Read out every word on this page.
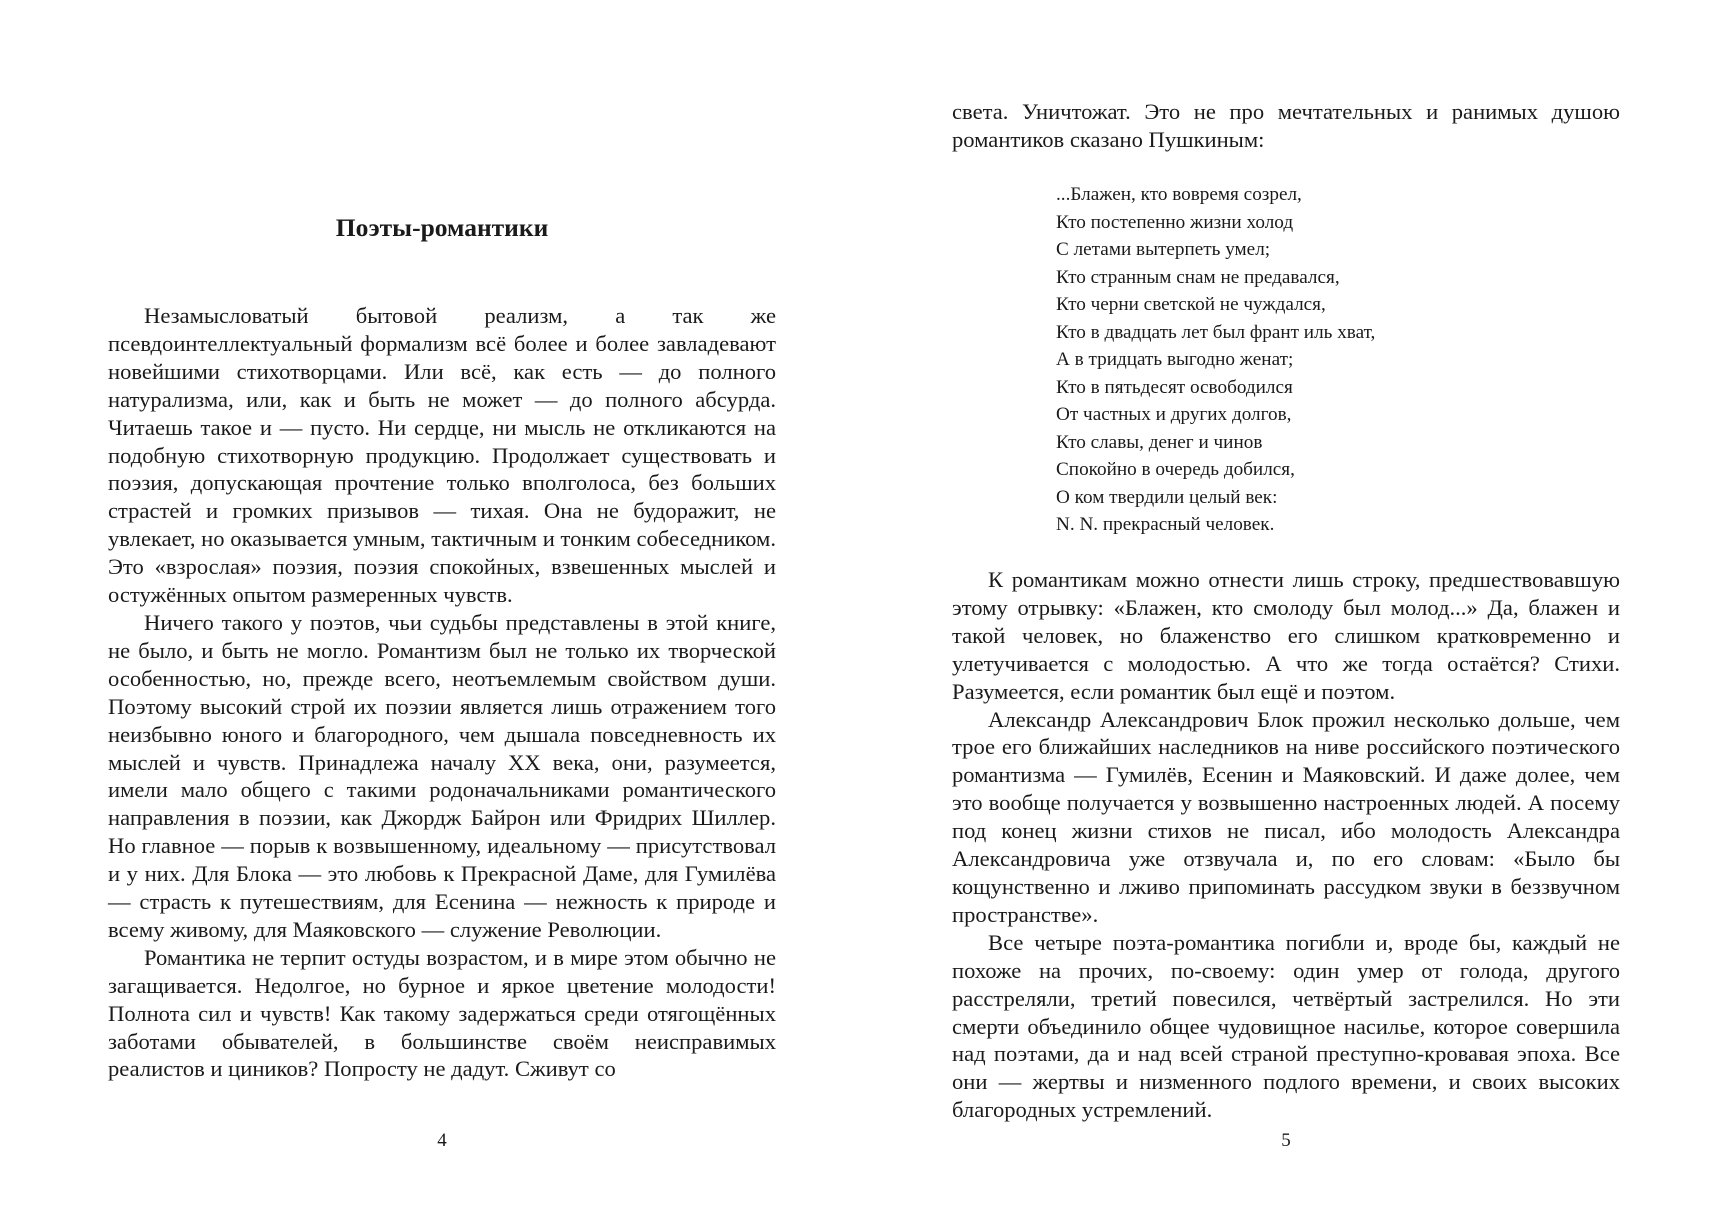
Поэты-романтики

Незамысловатый бытовой реализм, а так же псевдоинтеллектуальный формализм всё более и более завладевают новейшими стихотворцами. Или всё, как есть — до полного натурализма, или, как и быть не может — до полного абсурда. Читаешь такое и — пусто. Ни сердце, ни мысль не откликаются на подобную стихотворную продукцию. Продолжает существовать и поэзия, допускающая прочтение только вполголоса, без больших страстей и громких призывов — тихая. Она не будоражит, не увлекает, но оказывается умным, тактичным и тонким собеседником. Это «взрослая» поэзия, поэзия спокойных, взвешенных мыслей и остужённых опытом размеренных чувств.

Ничего такого у поэтов, чьи судьбы представлены в этой книге, не было, и быть не могло. Романтизм был не только их творческой особенностью, но, прежде всего, неотъемлемым свойством души. Поэтому высокий строй их поэзии является лишь отражением того неизбывно юного и благородного, чем дышала повседневность их мыслей и чувств. Принадлежа началу XX века, они, разумеется, имели мало общего с такими родоначальниками романтического направления в поэзии, как Джордж Байрон или Фридрих Шиллер. Но главное — порыв к возвышенному, идеальному — присутствовал и у них. Для Блока — это любовь к Прекрасной Даме, для Гумилёва — страсть к путешествиям, для Есенина — нежность к природе и всему живому, для Маяковского — служение Революции.

Романтика не терпит остуды возрастом, и в мире этом обычно не загащивается. Недолгое, но бурное и яркое цветение молодости! Полнота сил и чувств! Как такому задержаться среди отягощённых заботами обывателей, в большинстве своём неисправимых реалистов и циников? Попросту не дадут. Сживут со

4

света. Уничтожат. Это не про мечтательных и ранимых душою романтиков сказано Пушкиным:

...Блажен, кто вовремя созрел,
Кто постепенно жизни холод
С летами вытерпеть умел;
Кто странным снам не предавался,
Кто черни светской не чуждался,
Кто в двадцать лет был франт иль хват,
А в тридцать выгодно женат;
Кто в пятьдесят освободился
От частных и других долгов,
Кто славы, денег и чинов
Спокойно в очередь добился,
О ком твердили целый век:
N. N. прекрасный человек.

К романтикам можно отнести лишь строку, предшествовавшую этому отрывку: «Блажен, кто смолоду был молод...» Да, блажен и такой человек, но блаженство его слишком кратковременно и улетучивается с молодостью. А что же тогда остаётся? Стихи. Разумеется, если романтик был ещё и поэтом.

Александр Александрович Блок прожил несколько дольше, чем трое его ближайших наследников на ниве российского поэтического романтизма — Гумилёв, Есенин и Маяковский. И даже долее, чем это вообще получается у возвышенно настроенных людей. А посему под конец жизни стихов не писал, ибо молодость Александра Александровича уже отзвучала и, по его словам: «Было бы кощунственно и лживо припоминать рассудком звуки в беззвучном пространстве».

Все четыре поэта-романтика погибли и, вроде бы, каждый не похоже на прочих, по-своему: один умер от голода, другого расстреляли, третий повесился, четвёртый застрелился. Но эти смерти объединило общее чудовищное насилье, которое совершила над поэтами, да и над всей страной преступно-кровавая эпоха. Все они — жертвы и низменного подлого времени, и своих высоких благородных устремлений.

5
